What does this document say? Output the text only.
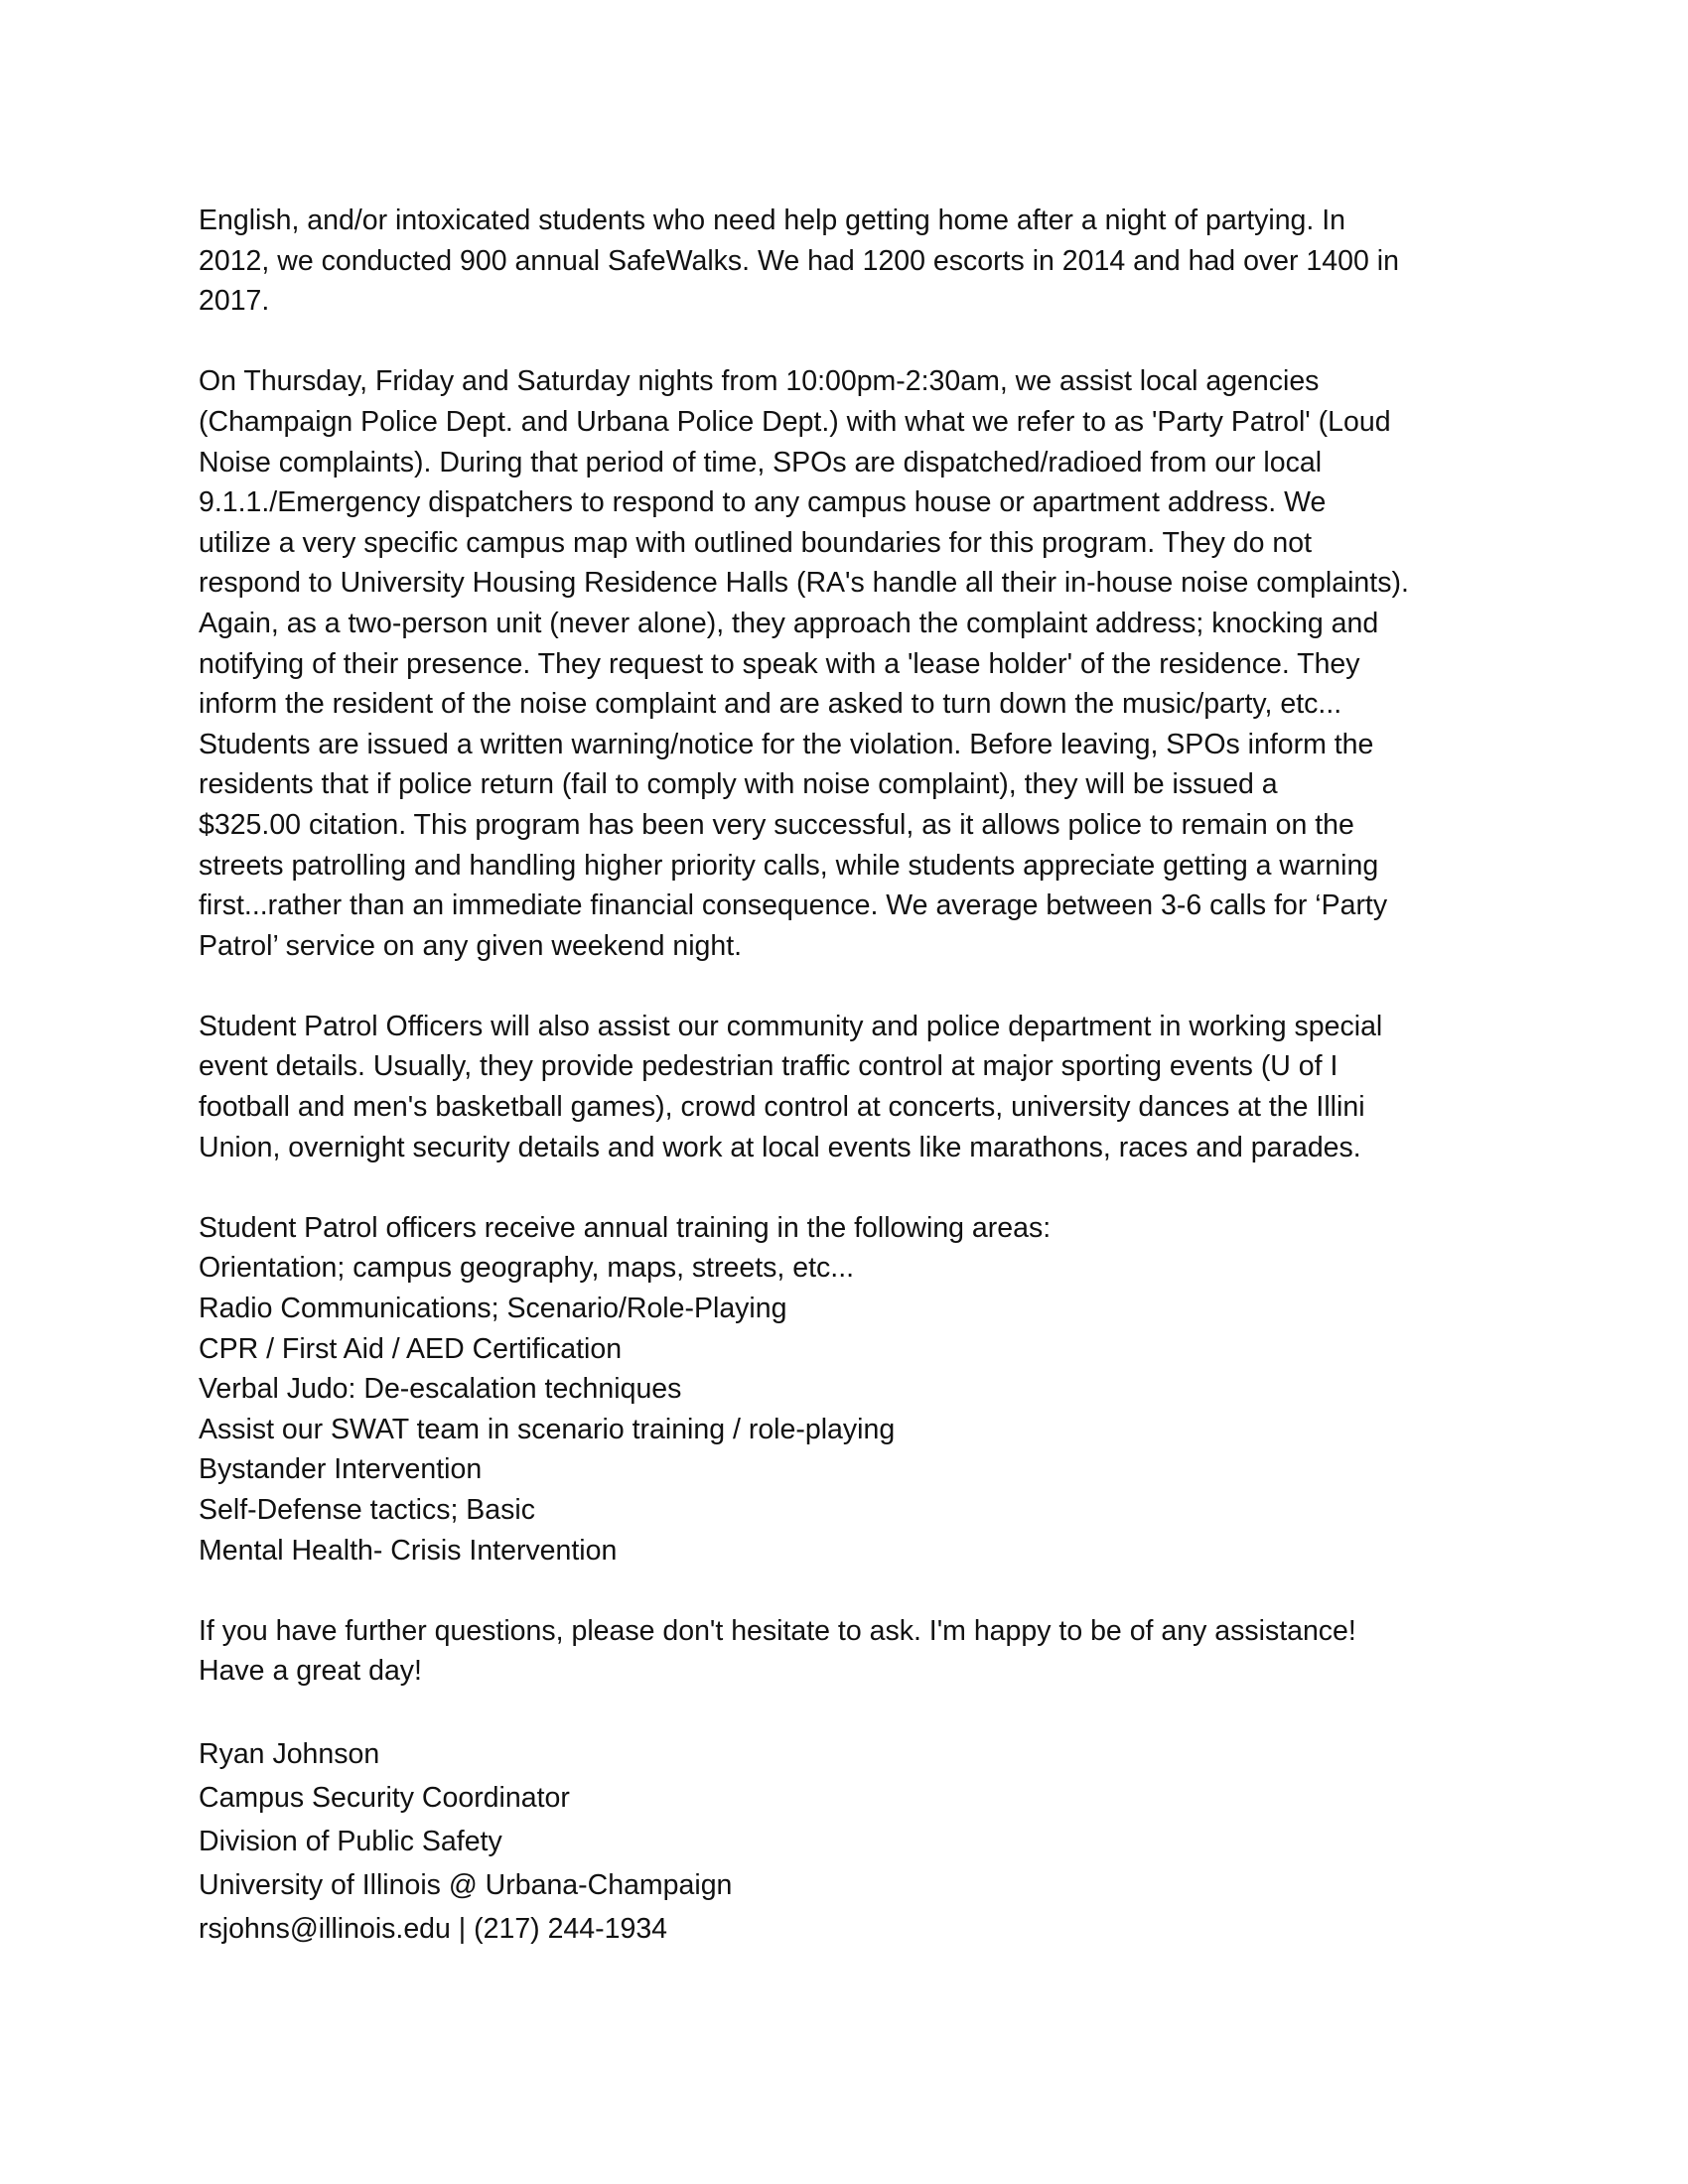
English, and/or intoxicated students who need help getting home after a night of partying. In
2012, we conducted 900 annual SafeWalks. We had 1200 escorts in 2014 and had over 1400 in
2017.
On Thursday, Friday and Saturday nights from 10:00pm-2:30am, we assist local agencies
(Champaign Police Dept. and Urbana Police Dept.) with what we refer to as 'Party Patrol' (Loud
Noise complaints). During that period of time, SPOs are dispatched/radioed from our local
9.1.1./Emergency dispatchers to respond to any campus house or apartment address. We
utilize a very specific campus map with outlined boundaries for this program. They do not
respond to University Housing Residence Halls (RA's handle all their in-house noise complaints).
Again, as a two-person unit (never alone), they approach the complaint address; knocking and
notifying of their presence. They request to speak with a 'lease holder' of the residence. They
inform the resident of the noise complaint and are asked to turn down the music/party, etc...
Students are issued a written warning/notice for the violation. Before leaving, SPOs inform the
residents that if police return (fail to comply with noise complaint), they will be issued a
$325.00 citation. This program has been very successful, as it allows police to remain on the
streets patrolling and handling higher priority calls, while students appreciate getting a warning
first...rather than an immediate financial consequence. We average between 3-6 calls for ‘Party
Patrol’ service on any given weekend night.
Student Patrol Officers will also assist our community and police department in working special
event details. Usually, they provide pedestrian traffic control at major sporting events (U of I
football and men's basketball games), crowd control at concerts, university dances at the Illini
Union, overnight security details and work at local events like marathons, races and parades.
Student Patrol officers receive annual training in the following areas:
Orientation; campus geography, maps, streets, etc...
Radio Communications; Scenario/Role-Playing
CPR / First Aid / AED Certification
Verbal Judo: De-escalation techniques
Assist our SWAT team in scenario training / role-playing
Bystander Intervention
Self-Defense tactics; Basic
Mental Health- Crisis Intervention
If you have further questions, please don't hesitate to ask. I'm happy to be of any assistance!
Have a great day!
Ryan Johnson
Campus Security Coordinator
Division of Public Safety
University of Illinois @ Urbana-Champaign
rsjohns@illinois.edu | (217) 244-1934
